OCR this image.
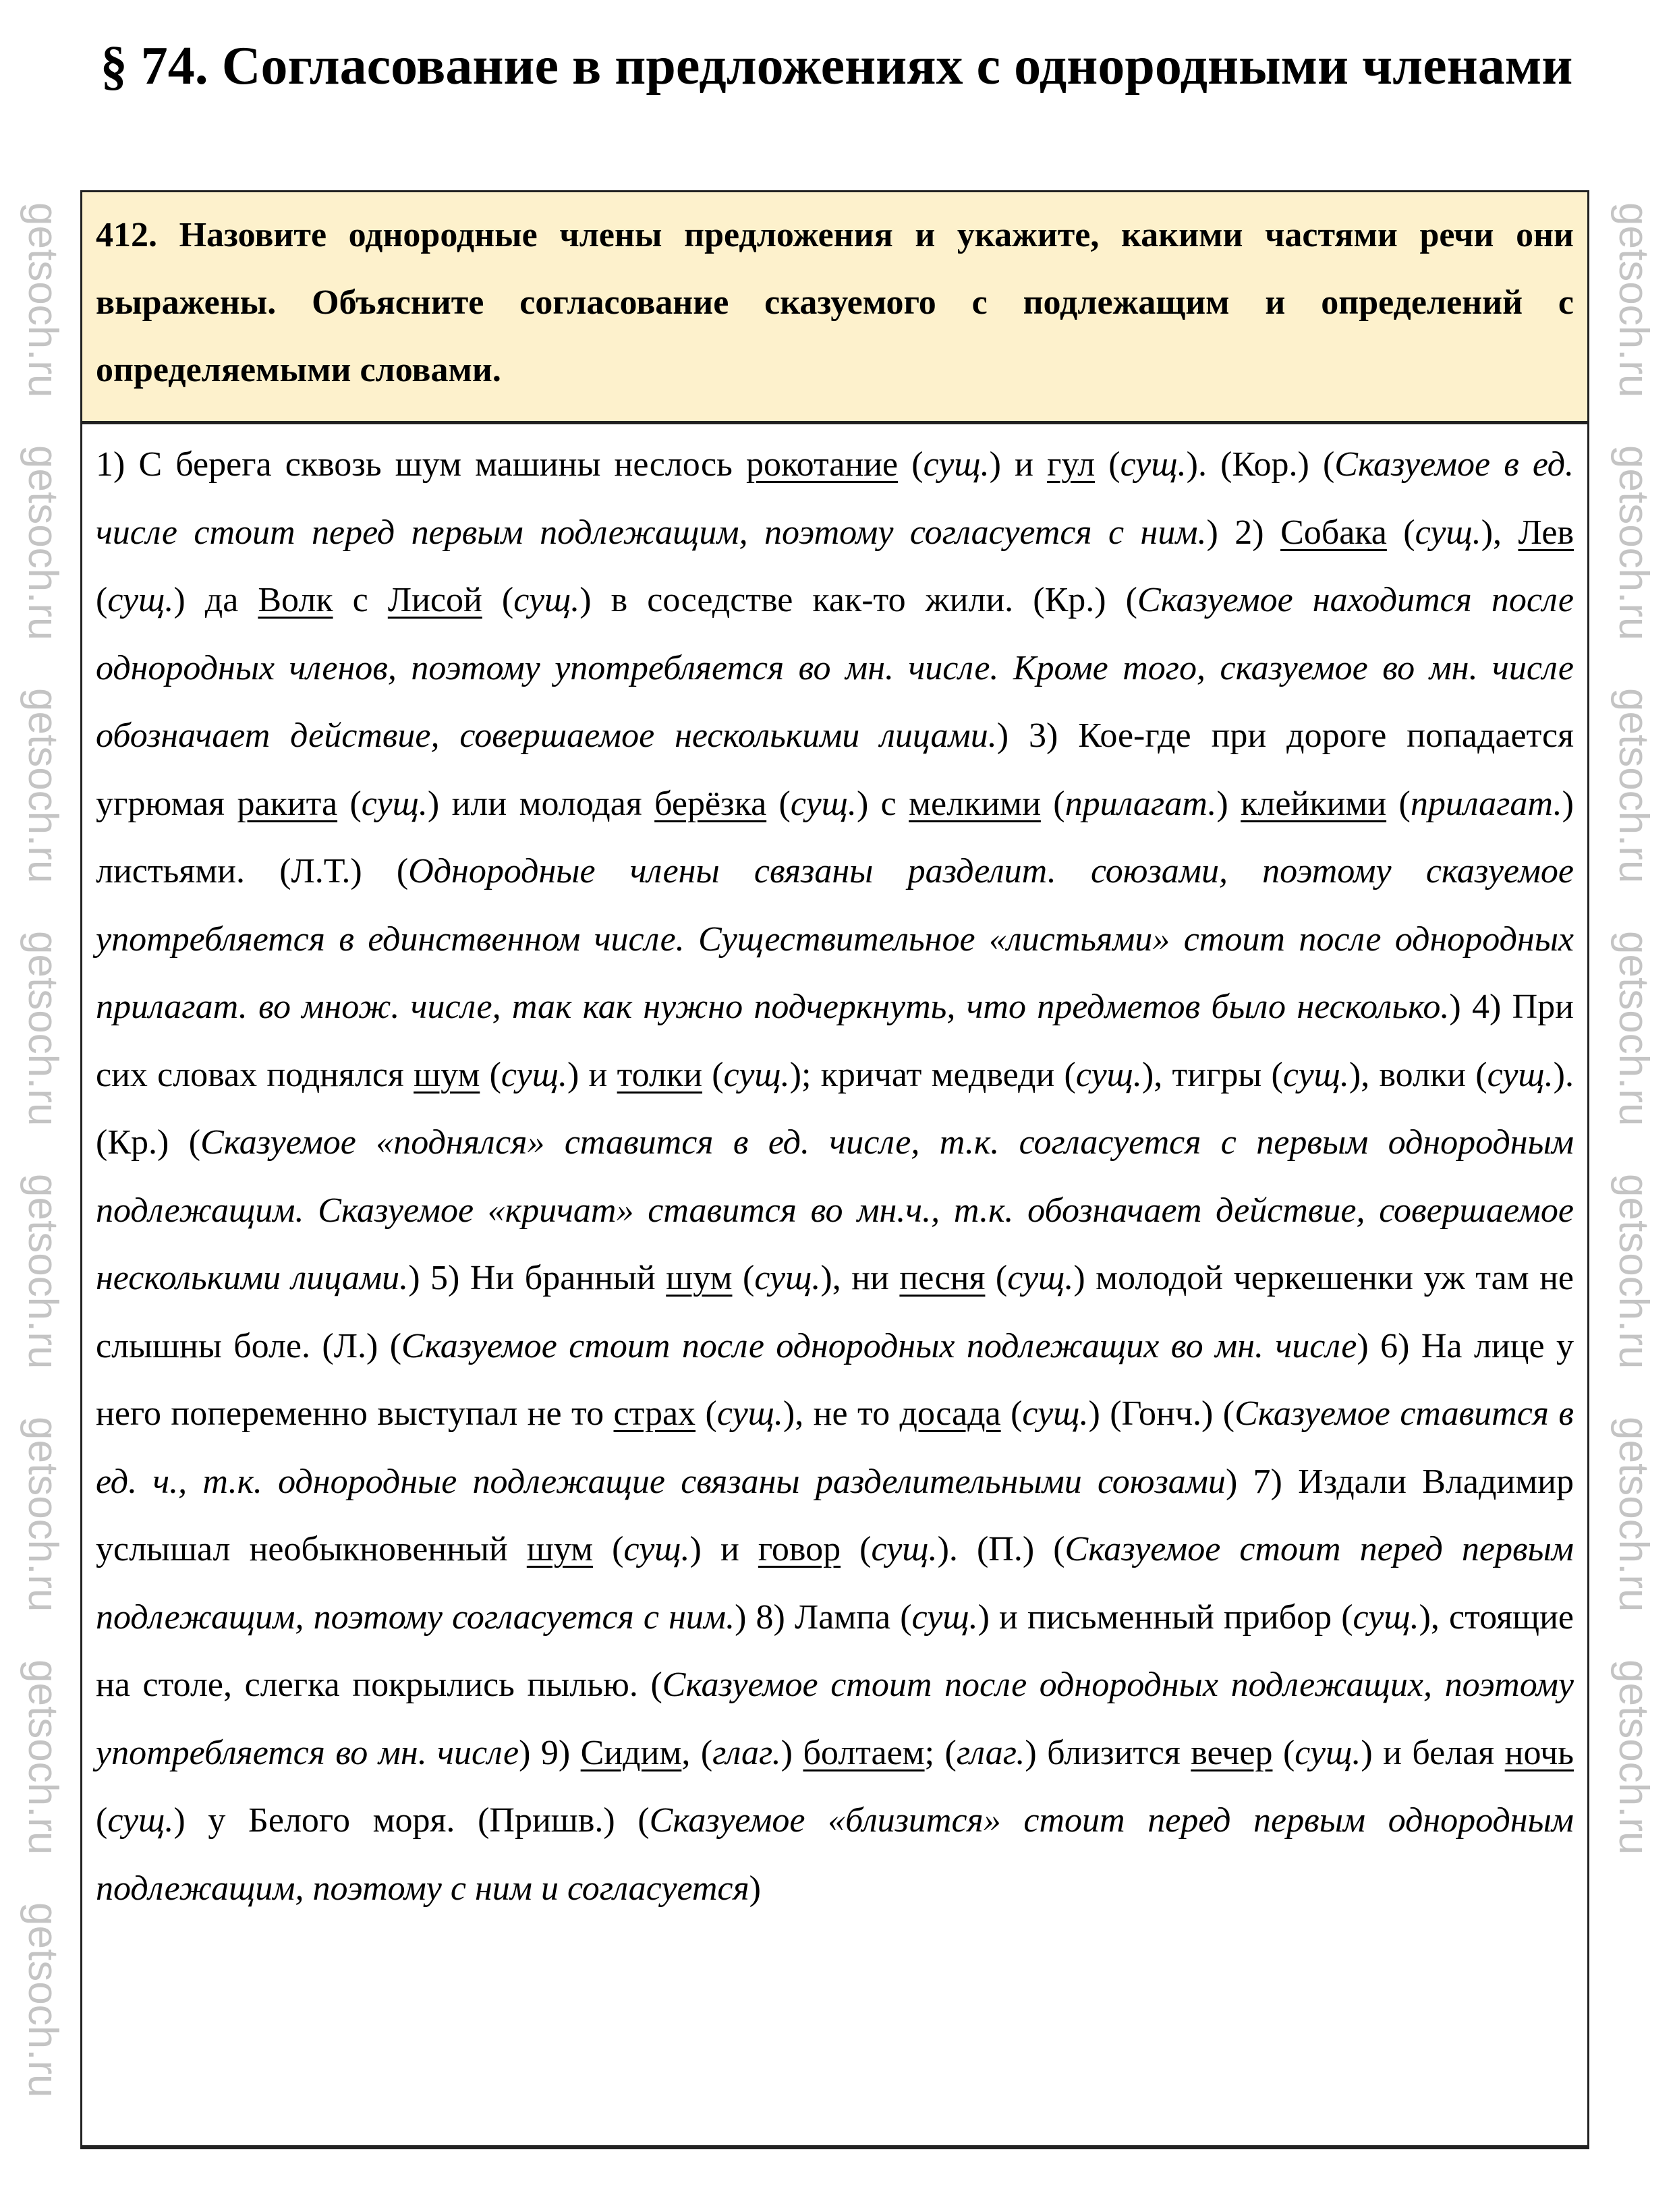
§ 74. Согласование в предложениях с однородными членами
412. Назовите однородные члены предложения и укажите, какими частями речи они выражены. Объясните согласование сказуемого с подлежащим и определений с определяемыми словами.
1) С берега сквозь шум машины неслось рокотание (сущ.) и гул (сущ.). (Кор.) (Сказуемое в ед. числе стоит перед первым подлежащим, поэтому согласуется с ним.) 2) Собака (сущ.), Лев (сущ.) да Волк с Лисой (сущ.) в соседстве как-то жили. (Кр.) (Сказуемое находится после однородных членов, поэтому употребляется во мн. числе. Кроме того, сказуемое во мн. числе обозначает действие, совершаемое несколькими лицами.) 3) Кое-где при дороге попадается угрюмая ракита (сущ.) или молодая берёзка (сущ.) с мелкими (прилагат.) клейкими (прилагат.) листьями. (Л.Т.) (Однородные члены связаны разделит. союзами, поэтому сказуемое употребляется в единственном числе. Существительное «листьями» стоит после однородных прилагат. во множ. числе, так как нужно подчеркнуть, что предметов было несколько.) 4) При сих словах поднялся шум (сущ.) и толки (сущ.); кричат медведи (сущ.), тигры (сущ.), волки (сущ.). (Кр.) (Сказуемое «поднялся» ставится в ед. числе, т.к. согласуется с первым однородным подлежащим. Сказуемое «кричат» ставится во мн.ч., т.к. обозначает действие, совершаемое несколькими лицами.) 5) Ни бранный шум (сущ.), ни песня (сущ.) молодой черкешенки уж там не слышны боле. (Л.) (Сказуемое стоит после однородных подлежащих во мн. числе) 6) На лице у него попеременно выступал не то страх (сущ.), не то досада (сущ.) (Гонч.) (Сказуемое ставится в ед. ч., т.к. однородные подлежащие связаны разделительными союзами) 7) Издали Владимир услышал необыкновенный шум (сущ.) и говор (сущ.). (П.) (Сказуемое стоит перед первым подлежащим, поэтому согласуется с ним.) 8) Лампа (сущ.) и письменный прибор (сущ.), стоящие на столе, слегка покрылись пылью. (Сказуемое стоит после однородных подлежащих, поэтому употребляется во мн. числе) 9) Сидим, (глаг.) болтаем; (глаг.) близится вечер (сущ.) и белая ночь (сущ.) у Белого моря. (Пришв.) (Сказуемое «близится» стоит перед первым однородным подлежащим, поэтому с ним и согласуется)
getsoch.ru
getsoch.ru
getsoch.ru
getsoch.ru
getsoch.ru
getsoch.ru
getsoch.ru
getsoch.ru
getsoch.ru
getsoch.ru
getsoch.ru
getsoch.ru
getsoch.ru
getsoch.ru
getsoch.ru
